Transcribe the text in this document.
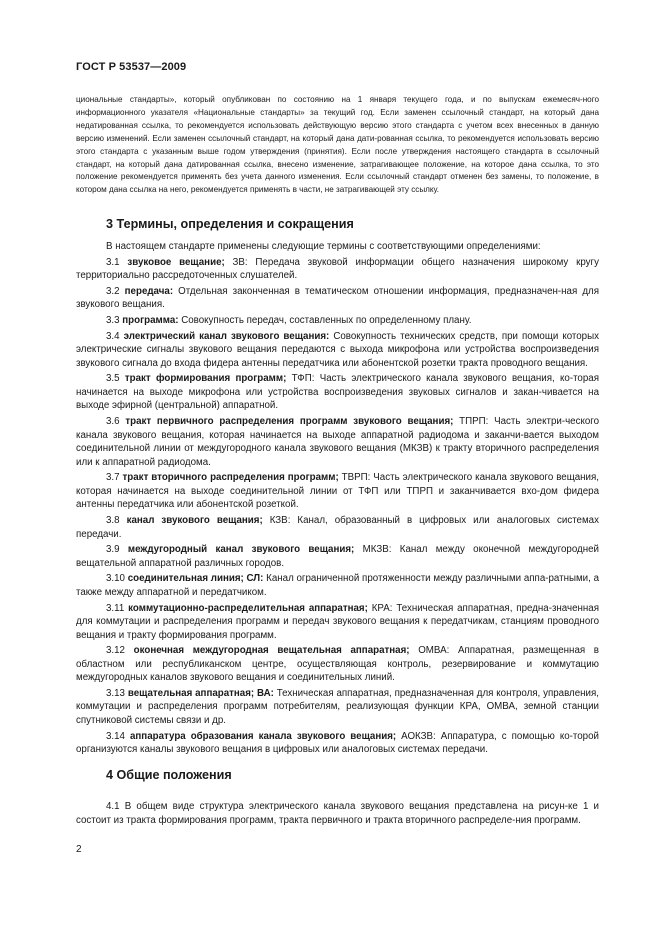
ГОСТ Р 53537—2009

циональные стандарты», который опубликован по состоянию на 1 января текущего года, и по выпускам ежемесяч-ного информационного указателя «Национальные стандарты» за текущий год. Если заменен ссылочный стандарт, на который дана недатированная ссылка, то рекомендуется использовать действующую версию этого стандарта с учетом всех внесенных в данную версию изменений. Если заменен ссылочный стандарт, на который дана дати-рованная ссылка, то рекомендуется использовать версию этого стандарта с указанным выше годом утверждения (принятия). Если после утверждения настоящего стандарта в ссылочный стандарт, на который дана датированная ссылка, внесено изменение, затрагивающее положение, на которое дана ссылка, то это положение рекомендуется применять без учета данного изменения. Если ссылочный стандарт отменен без замены, то положение, в котором дана ссылка на него, рекомендуется применять в части, не затрагивающей эту ссылку.

3 Термины, определения и сокращения

В настоящем стандарте применены следующие термины с соответствующими определениями:

3.1 звуковое вещание; ЗВ: Передача звуковой информации общего назначения широкому кругу территориально рассредоточенных слушателей.

3.2 передача: Отдельная законченная в тематическом отношении информация, предназначен-ная для звукового вещания.

3.3 программа: Совокупность передач, составленных по определенному плану.

3.4 электрический канал звукового вещания: Совокупность технических средств, при помощи которых электрические сигналы звукового вещания передаются с выхода микрофона или устройства воспроизведения звукового сигнала до входа фидера антенны передатчика или абонентской розетки тракта проводного вещания.

3.5 тракт формирования программ; ТФП: Часть электрического канала звукового вещания, ко-торая начинается на выходе микрофона или устройства воспроизведения звуковых сигналов и закан-чивается на выходе эфирной (центральной) аппаратной.

3.6 тракт первичного распределения программ звукового вещания; ТПРП: Часть электри-ческого канала звукового вещания, которая начинается на выходе аппаратной радиодома и заканчи-вается выходом соединительной линии от междугородного канала звукового вещания (МКЗВ) к тракту вторичного распределения или к аппаратной радиодома.

3.7 тракт вторичного распределения программ; ТВРП: Часть электрического канала звукового вещания, которая начинается на выходе соединительной линии от ТФП или ТПРП и заканчивается вхо-дом фидера антенны передатчика или абонентской розеткой.

3.8 канал звукового вещания; КЗВ: Канал, образованный в цифровых или аналоговых системах передачи.

3.9 междугородный канал звукового вещания; МКЗВ: Канал между оконечной междугородней вещательной аппаратной различных городов.

3.10 соединительная линия; СЛ: Канал ограниченной протяженности между различными аппа-ратными, а также между аппаратной и передатчиком.

3.11 коммутационно-распределительная аппаратная; КРА: Техническая аппаратная, предна-значенная для коммутации и распределения программ и передач звукового вещания к передатчикам, станциям проводного вещания и тракту формирования программ.

3.12 оконечная междугородная вещательная аппаратная; ОМВА: Аппаратная, размещенная в областном или республиканском центре, осуществляющая контроль, резервирование и коммутацию междугородных каналов звукового вещания и соединительных линий.

3.13 вещательная аппаратная; ВА: Техническая аппаратная, предназначенная для контроля, управления, коммутации и распределения программ потребителям, реализующая функции КРА, ОМВА, земной станции спутниковой системы связи и др.

3.14 аппаратура образования канала звукового вещания; АОКЗВ: Аппаратура, с помощью ко-торой организуются каналы звукового вещания в цифровых или аналоговых системах передачи.

4 Общие положения

4.1 В общем виде структура электрического канала звукового вещания представлена на рисун-ке 1 и состоит из тракта формирования программ, тракта первичного и тракта вторичного распределе-ния программ.

2
